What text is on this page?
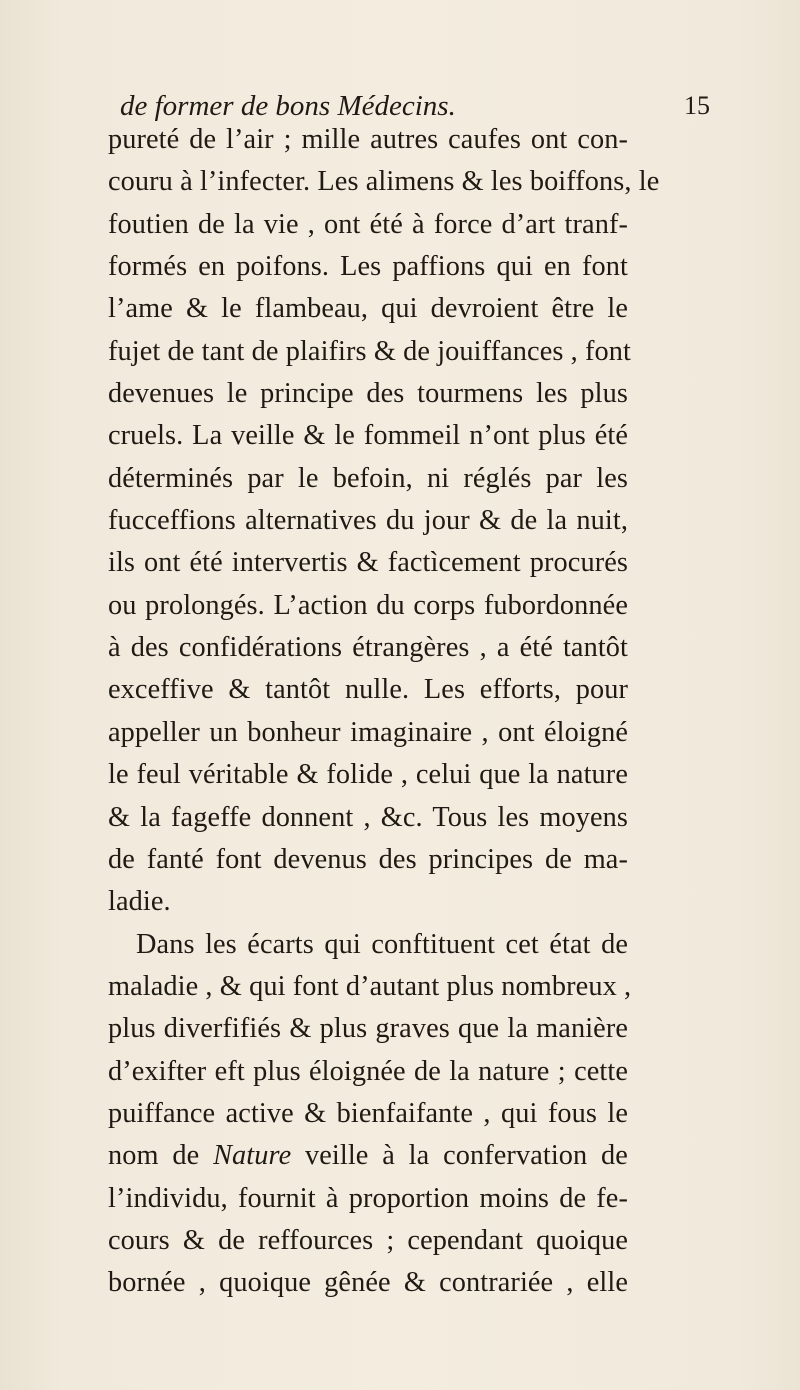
de former de bons Médecins.	15
pureté de l’air ; mille autres caufes ont con-
couru à l’infecter. Les alimens & les boiffons, le
foutien de la vie , ont été à force d’art tranf-
formés en poifons. Les paffions qui en font
l’ame & le flambeau, qui devroient être le
fujet de tant de plaifirs & de jouiffances , font
devenues le principe des tourmens les plus
cruels. La veille & le fommeil n’ont plus été
déterminés par le befoin, ni réglés par les
fucceffions alternatives du jour & de la nuit,
ils ont été intervertis & factìcement procurés
ou prolongés. L’action du corps fubordonnée
à des confidérations étrangères , a été tantôt
exceffive & tantôt nulle. Les efforts, pour
appeller un bonheur imaginaire , ont éloigné
le feul véritable & folide , celui que la nature
& la fageffe donnent , &c. Tous les moyens
de fanté font devenus des principes de ma-
ladie.
Dans les écarts qui conftituent cet état de
maladie , & qui font d’autant plus nombreux ,
plus diverfifiés & plus graves que la manière
d’exifter eft plus éloignée de la nature ; cette
puiffance active & bienfaifante , qui fous le
nom de Nature veille à la confervation de
l’individu, fournit à proportion moins de fe-
cours & de reffources ; cependant quoique
bornée , quoique gênée & contrariée , elle
